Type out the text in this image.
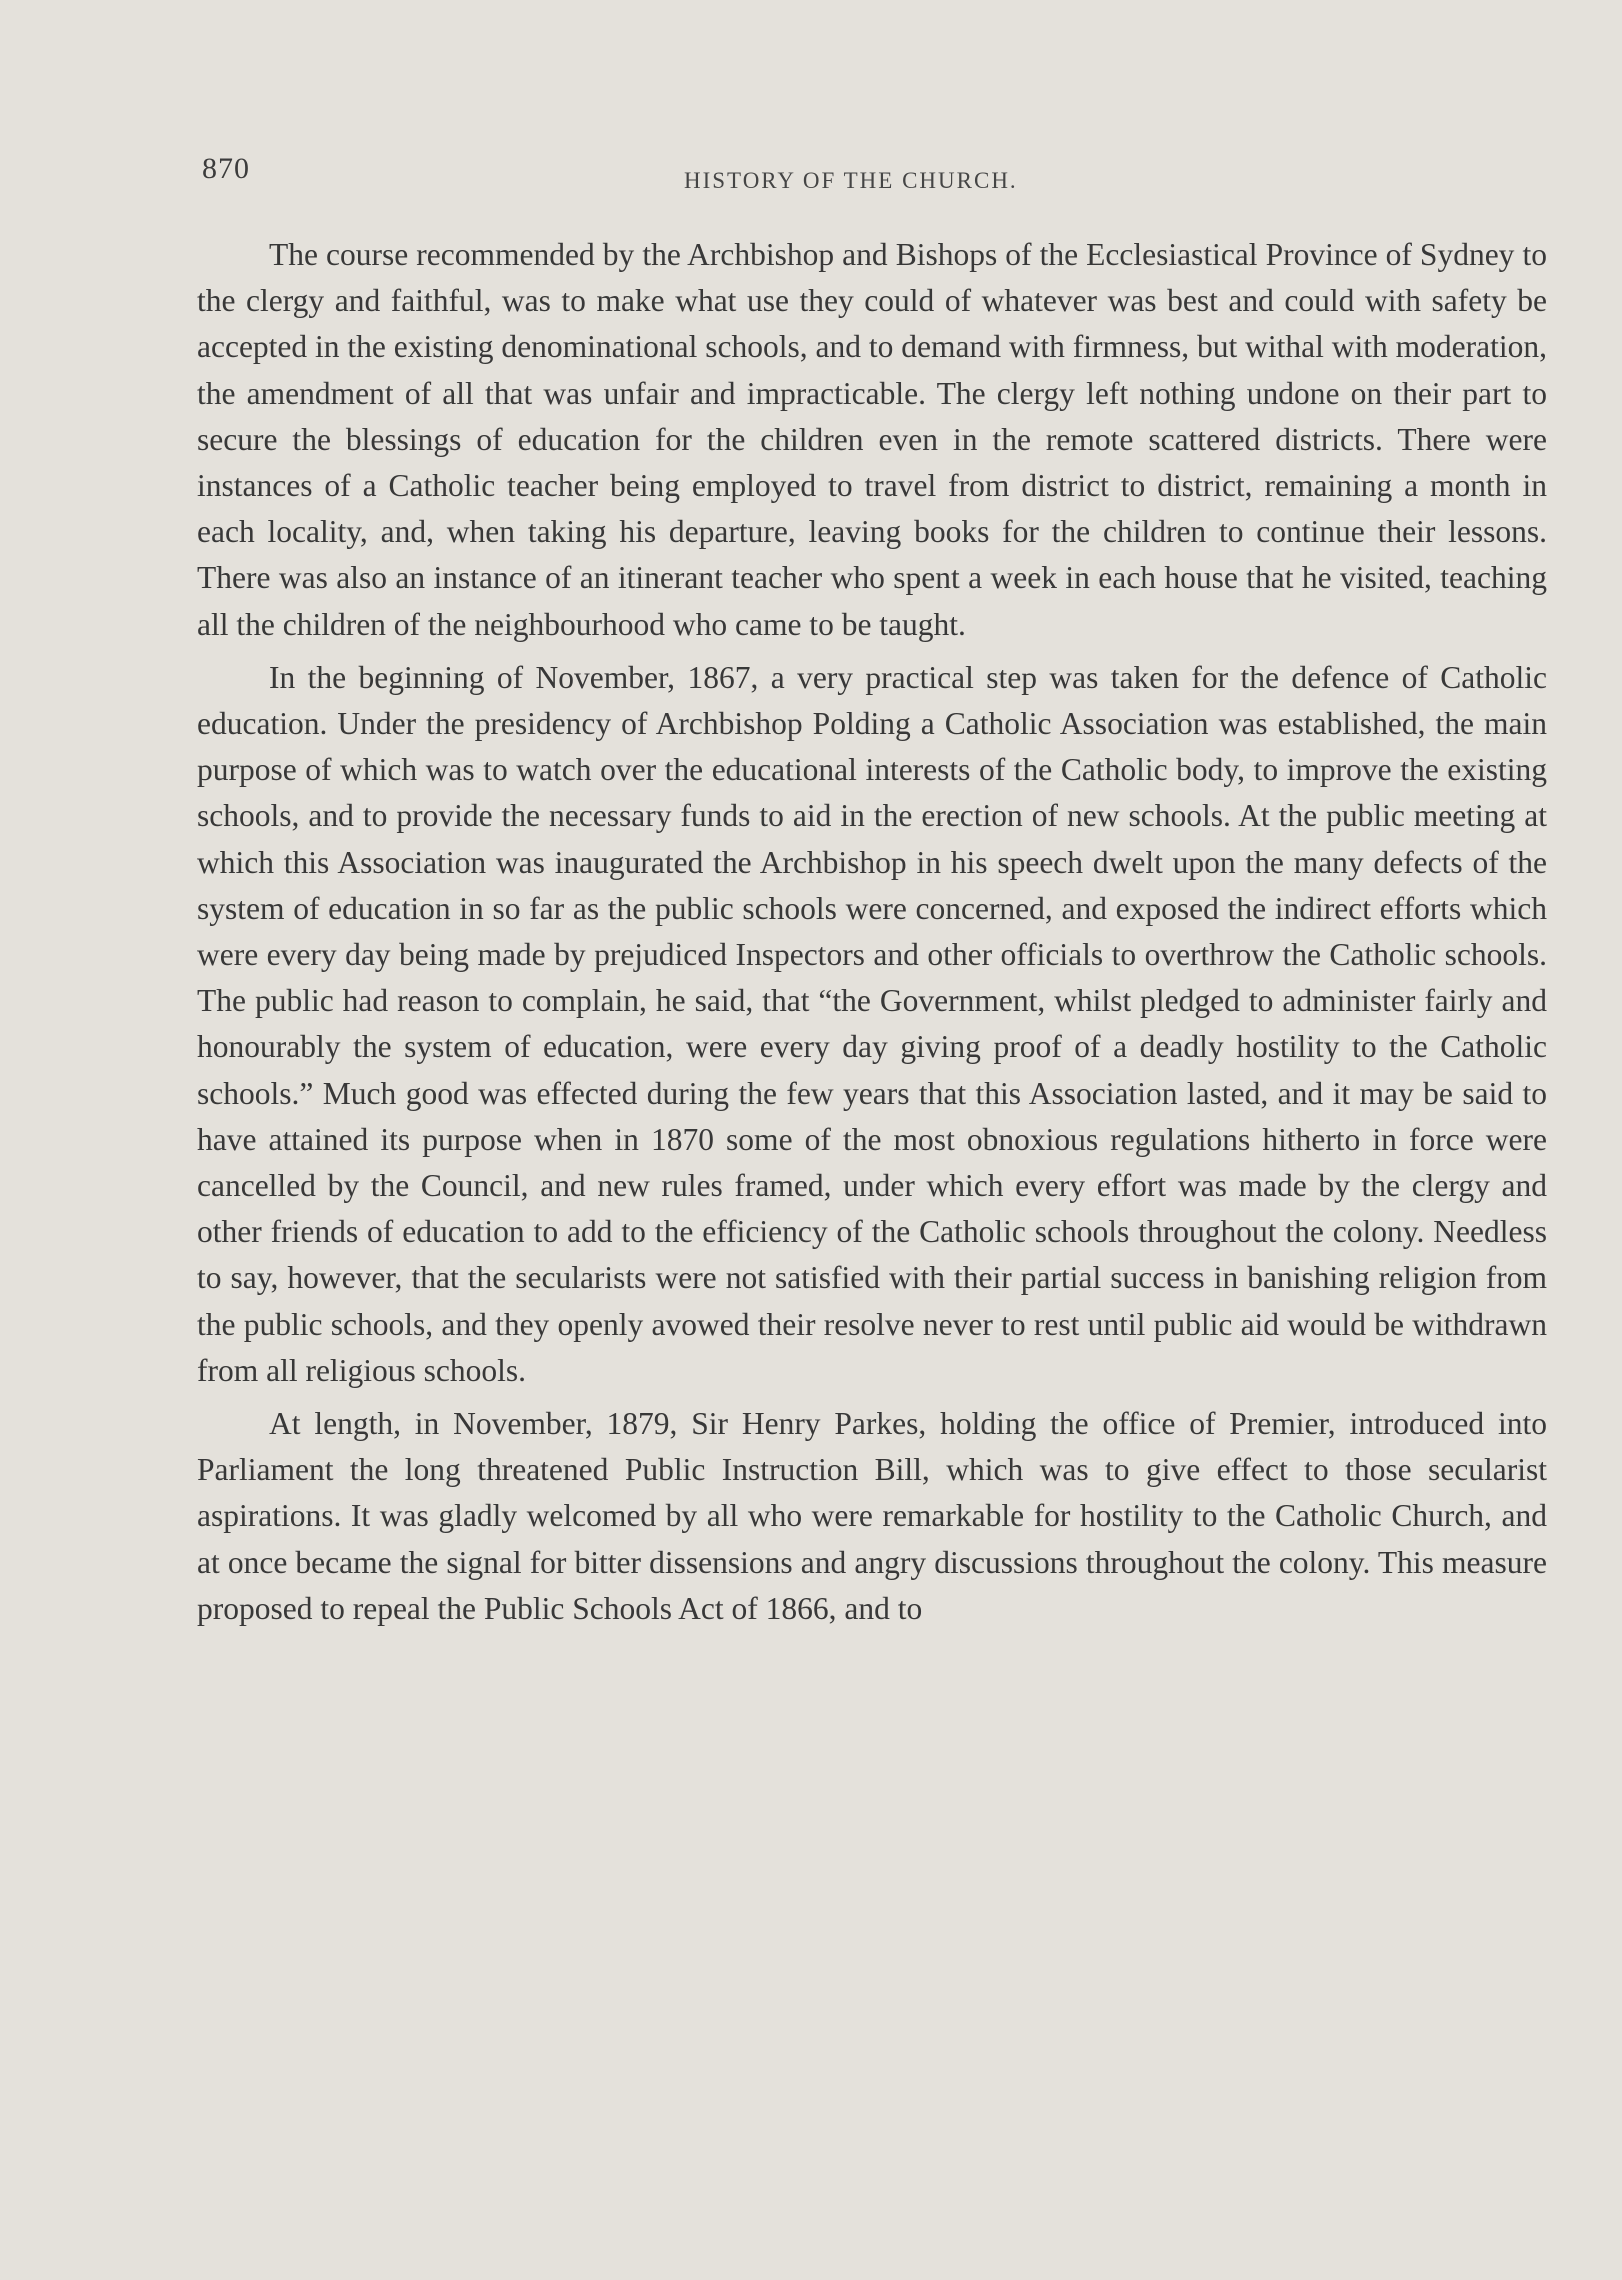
870	HISTORY OF THE CHURCH.

The course recommended by the Archbishop and Bishops of the Ecclesiastical Province of Sydney to the clergy and faithful, was to make what use they could of whatever was best and could with safety be accepted in the existing denominational schools, and to demand with firmness, but withal with moderation, the amendment of all that was unfair and impracticable. The clergy left nothing undone on their part to secure the blessings of education for the children even in the remote scattered districts. There were instances of a Catholic teacher being employed to travel from district to district, remaining a month in each locality, and, when taking his departure, leaving books for the children to continue their lessons. There was also an instance of an itinerant teacher who spent a week in each house that he visited, teaching all the children of the neighbourhood who came to be taught.

In the beginning of November, 1867, a very practical step was taken for the defence of Catholic education. Under the presidency of Archbishop Polding a Catholic Association was established, the main purpose of which was to watch over the educational interests of the Catholic body, to improve the existing schools, and to provide the necessary funds to aid in the erection of new schools. At the public meeting at which this Association was inaugurated the Archbishop in his speech dwelt upon the many defects of the system of education in so far as the public schools were concerned, and exposed the indirect efforts which were every day being made by prejudiced Inspectors and other officials to overthrow the Catholic schools. The public had reason to complain, he said, that “the Government, whilst pledged to administer fairly and honourably the system of education, were every day giving proof of a deadly hostility to the Catholic schools.” Much good was effected during the few years that this Association lasted, and it may be said to have attained its purpose when in 1870 some of the most obnoxious regulations hitherto in force were cancelled by the Council, and new rules framed, under which every effort was made by the clergy and other friends of education to add to the efficiency of the Catholic schools throughout the colony. Needless to say, however, that the secularists were not satisfied with their partial success in banishing religion from the public schools, and they openly avowed their resolve never to rest until public aid would be withdrawn from all religious schools.

At length, in November, 1879, Sir Henry Parkes, holding the office of Premier, introduced into Parliament the long threatened Public Instruction Bill, which was to give effect to those secularist aspirations. It was gladly welcomed by all who were remarkable for hostility to the Catholic Church, and at once became the signal for bitter dissensions and angry discussions throughout the colony. This measure proposed to repeal the Public Schools Act of 1866, and to
